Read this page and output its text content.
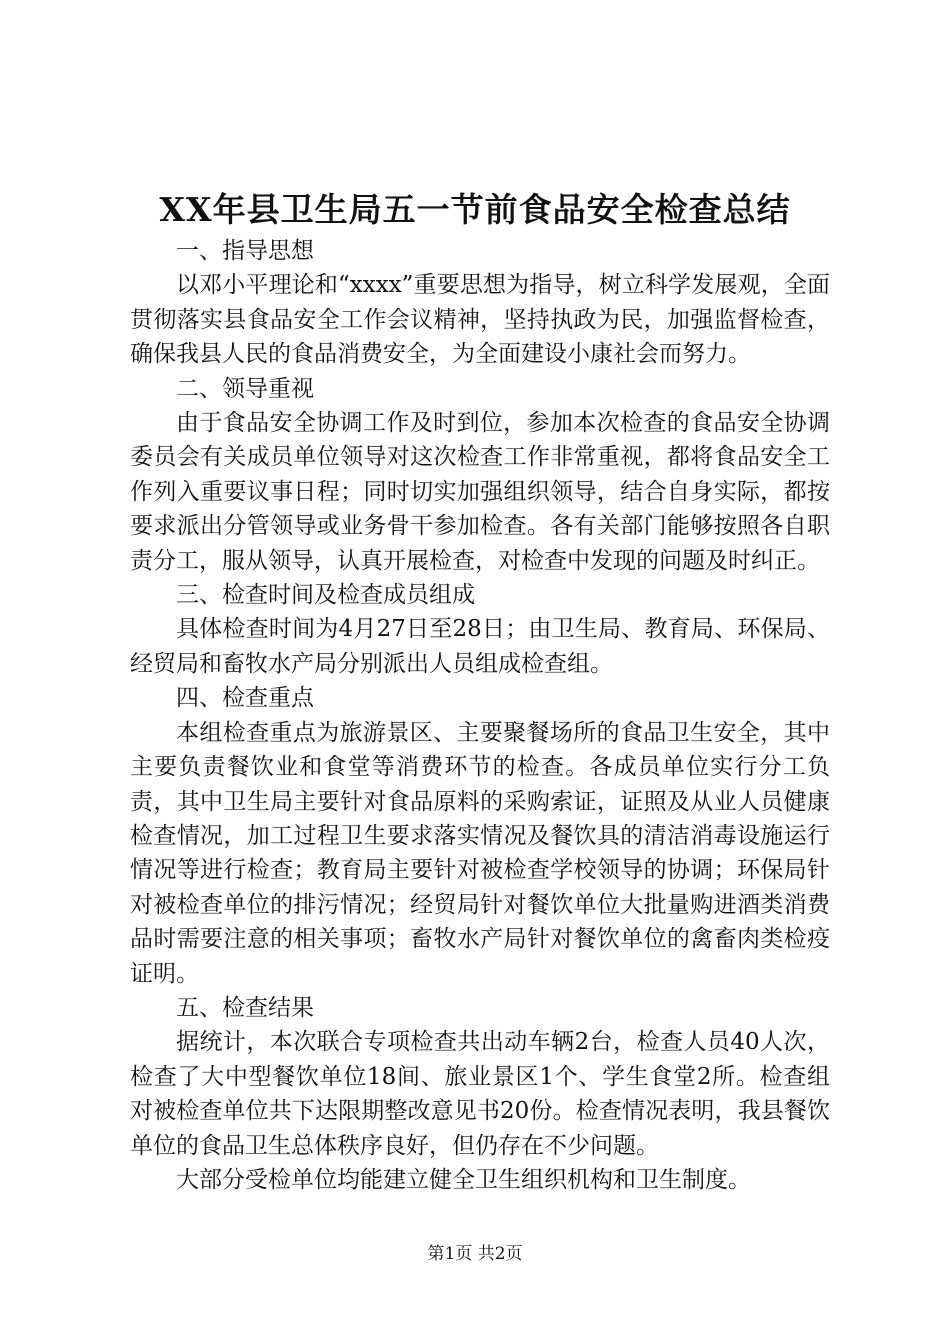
XX年县卫生局五一节前食品安全检查总结

一、指导思想

以邓小平理论和“xxxx”重要思想为指导，树立科学发展观，全面贯彻落实县食品安全工作会议精神，坚持执政为民，加强监督检查，确保我县人民的食品消费安全，为全面建设小康社会而努力。

二、领导重视

由于食品安全协调工作及时到位，参加本次检查的食品安全协调委员会有关成员单位领导对这次检查工作非常重视，都将食品安全工作列入重要议事日程；同时切实加强组织领导，结合自身实际，都按要求派出分管领导或业务骨干参加检查。各有关部门能够按照各自职责分工，服从领导，认真开展检查，对检查中发现的问题及时纠正。

三、检查时间及检查成员组成

具体检查时间为4月27日至28日；由卫生局、教育局、环保局、经贸局和畜牧水产局分别派出人员组成检查组。

四、检查重点

本组检查重点为旅游景区、主要聚餐场所的食品卫生安全，其中主要负责餐饮业和食堂等消费环节的检查。各成员单位实行分工负责，其中卫生局主要针对食品原料的采购索证，证照及从业人员健康检查情况，加工过程卫生要求落实情况及餐饮具的清洁消毒设施运行情况等进行检查；教育局主要针对被检查学校领导的协调；环保局针对被检查单位的排污情况；经贸局针对餐饮单位大批量购进酒类消费品时需要注意的相关事项；畜牧水产局针对餐饮单位的禽畜肉类检疫证明。

五、检查结果

据统计，本次联合专项检查共出动车辆2台，检查人员40人次，检查了大中型餐饮单位18间、旅业景区1个、学生食堂2所。检查组对被检查单位共下达限期整改意见书20份。检查情况表明，我县餐饮单位的食品卫生总体秩序良好，但仍存在不少问题。

大部分受检单位均能建立健全卫生组织机构和卫生制度。

第1页 共2页
